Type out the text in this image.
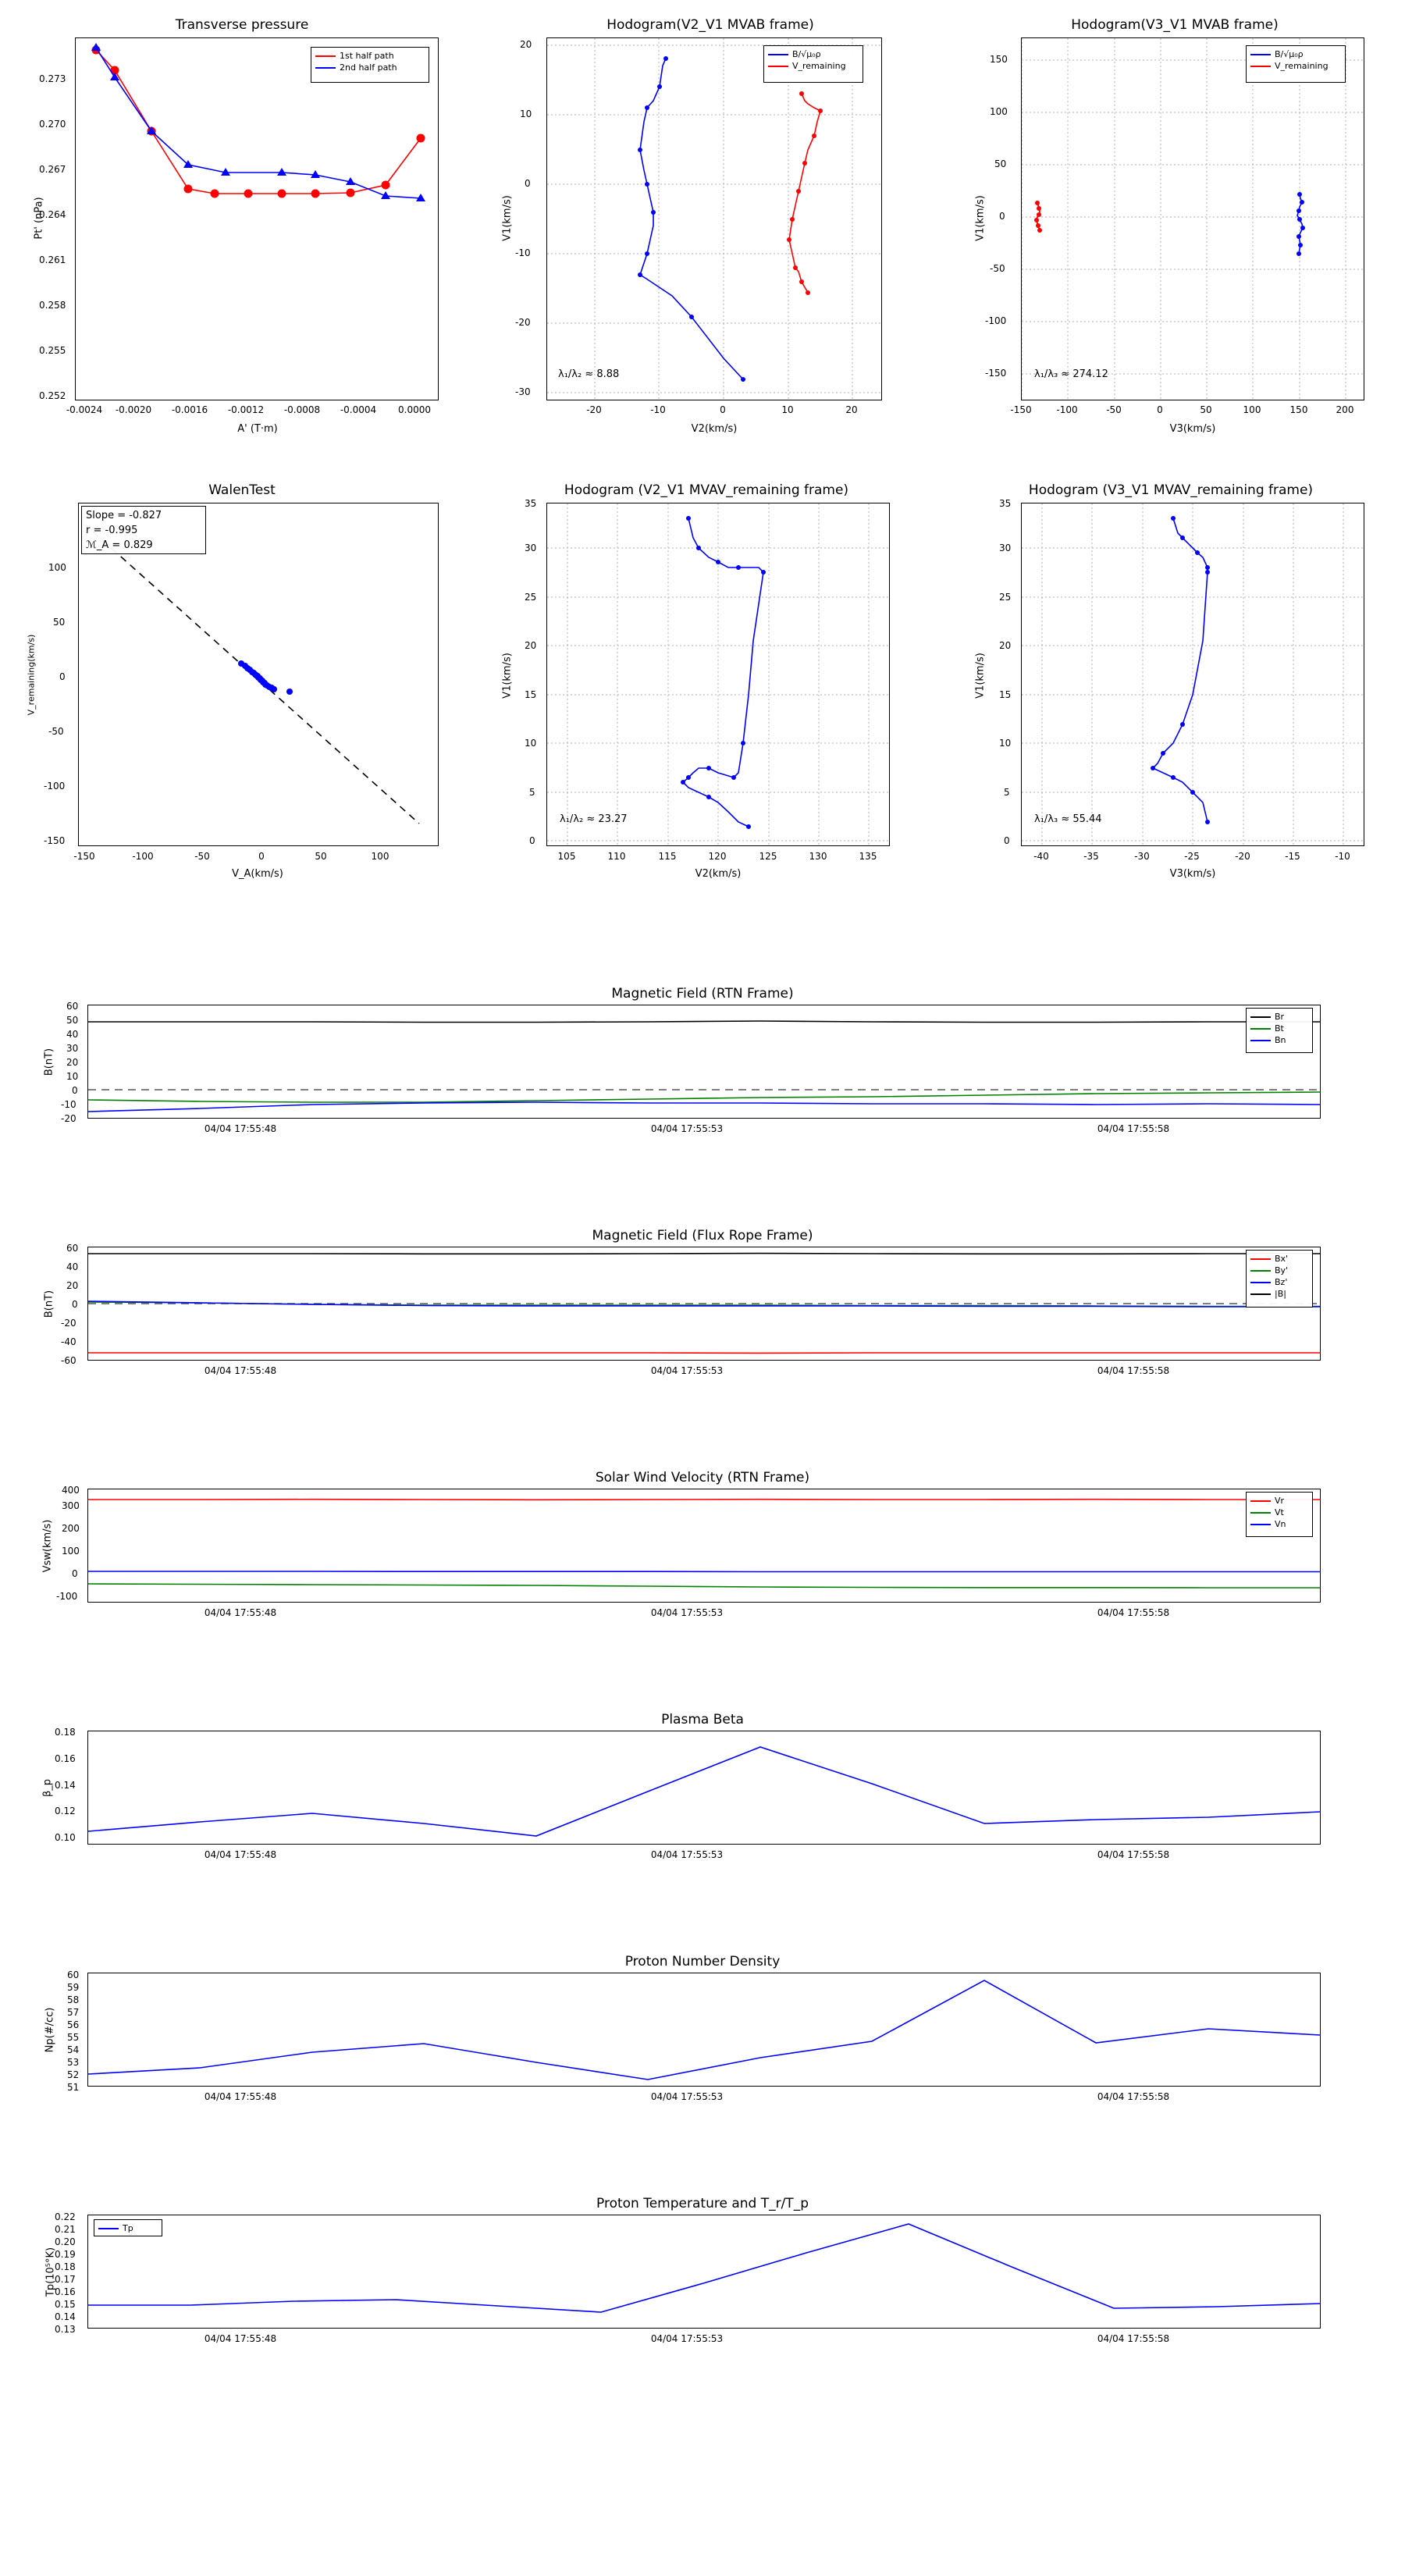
Transverse pressure
1st half path
2nd half path
0.252
0.255
0.258
0.261
0.264
0.267
0.270
0.273
-0.0024	-0.0020	-0.0016	-0.0012	-0.0008	-0.0004	0.0000
A' (T·m)
Pt' (nPa)
Hodogram(V2_V1 MVAB frame)
B/√μ₀ρ
V_remaining
λ₁/λ₂ ≈ 8.88
-30
-20
-10
0
10
20
-20	-10	0	10	20
V2(km/s)
V1(km/s)
Hodogram(V3_V1 MVAB frame)
B/√μ₀ρ
V_remaining
λ₁/λ₃ ≈ 274.12
-150
-100
-50
0
50
100
150
-150	-100	-50	0	50	100	150	200
V3(km/s)
V1(km/s)
WalenTest
Slope = -0.827
r = -0.995
ℳ_A = 0.829
-150
-100
-50
0
50
100
-150	-100	-50	0	50	100
V_A(km/s)
V_remaining(km/s)
Hodogram (V2_V1 MVAV_remaining frame)
λ₁/λ₂ ≈ 23.27
0
5
10
15
20
25
30
35
105	110	115	120	125	130	135
V2(km/s)
V1(km/s)
Hodogram (V3_V1 MVAV_remaining frame)
λ₁/λ₃ ≈ 55.44
0
5
10
15
20
25
30
35
-40	-35	-30	-25	-20	-15	-10
V3(km/s)
V1(km/s)
Magnetic Field (RTN Frame)
Br
Bt
Bn
-20
-10
0
10
20
30
40
50
60
04/04 17:55:48	04/04 17:55:53	04/04 17:55:58
B(nT)
Magnetic Field (Flux Rope Frame)
Bx'
By'
Bz'
|B|
-60
-40
-20
0
20
40
60
04/04 17:55:48	04/04 17:55:53	04/04 17:55:58
B(nT)
Solar Wind Velocity (RTN Frame)
Vr
Vt
Vn
-100
0
100
200
300
400
04/04 17:55:48	04/04 17:55:53	04/04 17:55:58
Vsw(km/s)
Plasma Beta
0.10
0.12
0.14
0.16
0.18
04/04 17:55:48	04/04 17:55:53	04/04 17:55:58
β_p
Proton Number Density
51
52
53
54
55
56
57
58
59
60
04/04 17:55:48	04/04 17:55:53	04/04 17:55:58
Np(#/cc)
Proton Temperature and T_r/T_p
Tp
0.13
0.14
0.15
0.16
0.17
0.18
0.19
0.20
0.21
0.22
04/04 17:55:48	04/04 17:55:53	04/04 17:55:58
Tp(10⁵°K)
